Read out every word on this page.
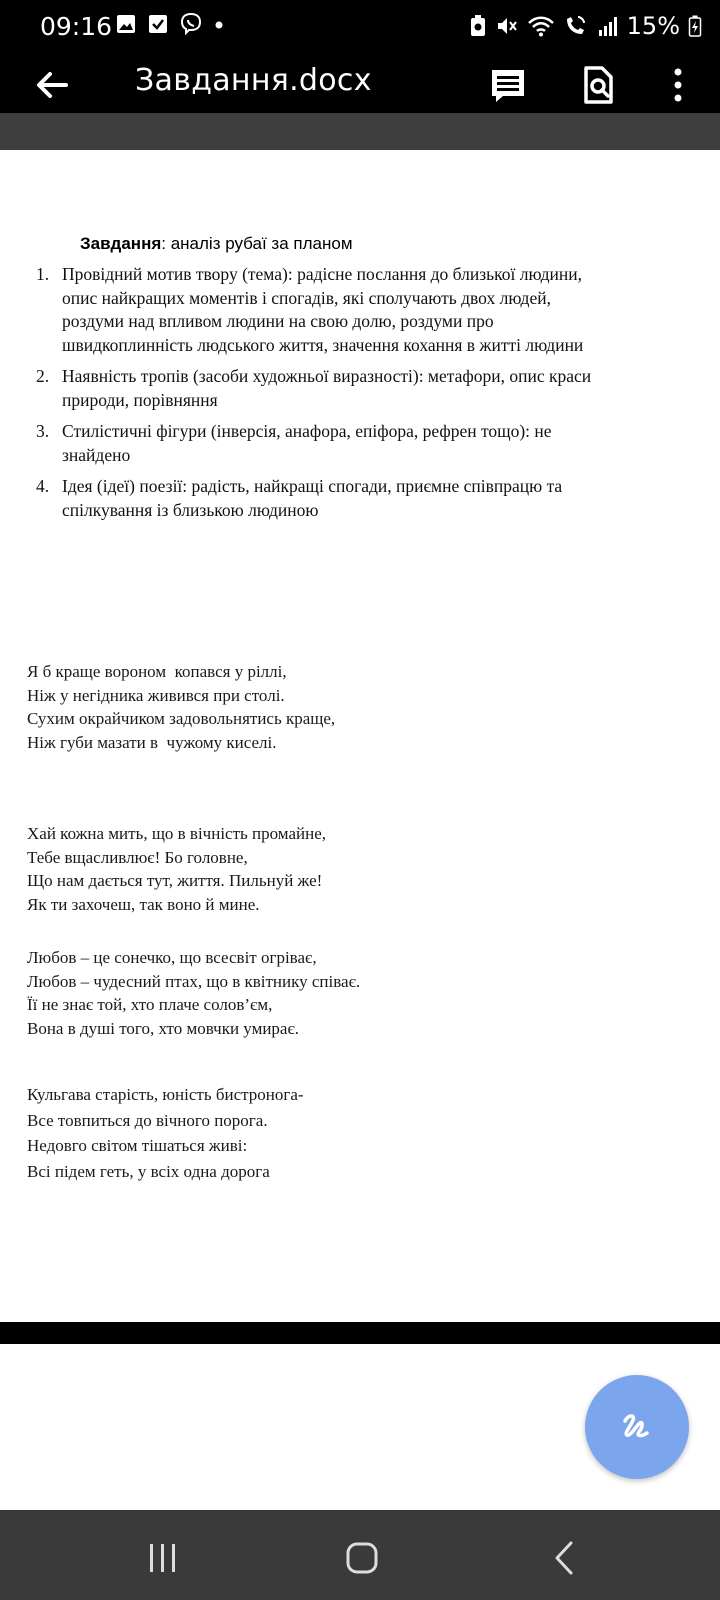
09:16	15%
Завдання.docx
Завдання: аналіз рубаї за планом
1. Провідний мотив твору (тема): радісне послання до близької людини,
опис найкращих моментів і спогадів, які сполучають двох людей,
роздуми над впливом людини на свою долю, роздуми про
швидкоплинність людського життя, значення кохання в житті людини
2. Наявність тропів (засоби художньої виразності): метафори, опис краси
природи, порівняння
3. Стилістичні фігури (інверсія, анафора, епіфора, рефрен тощо): не
знайдено
4. Ідея (ідеї) поезії: радість, найкращі спогади, приємне співпрацю та
спілкування із близькою людиною
Я б краще вороном  копався у ріллі,
Ніж у негідника живився при столі.
Сухим окрайчиком задовольнятись краще,
Ніж губи мазати в  чужому киселі.
Хай кожна мить, що в вічність промайне,
Тебе вщасливлює! Бо головне,
Що нам дається тут, життя. Пильнуй же!
Як ти захочеш, так воно й мине.
Любов – це сонечко, що всесвіт огріває,
Любов – чудесний птах, що в квітнику співає.
Її не знає той, хто плаче солов’єм,
Вона в душі того, хто мовчки умирає.
Кульгава старість, юність бистронога-
Все товпиться до вічного порога.
Недовго світом тішаться живі:
Всі підем геть, у всіх одна дорога
